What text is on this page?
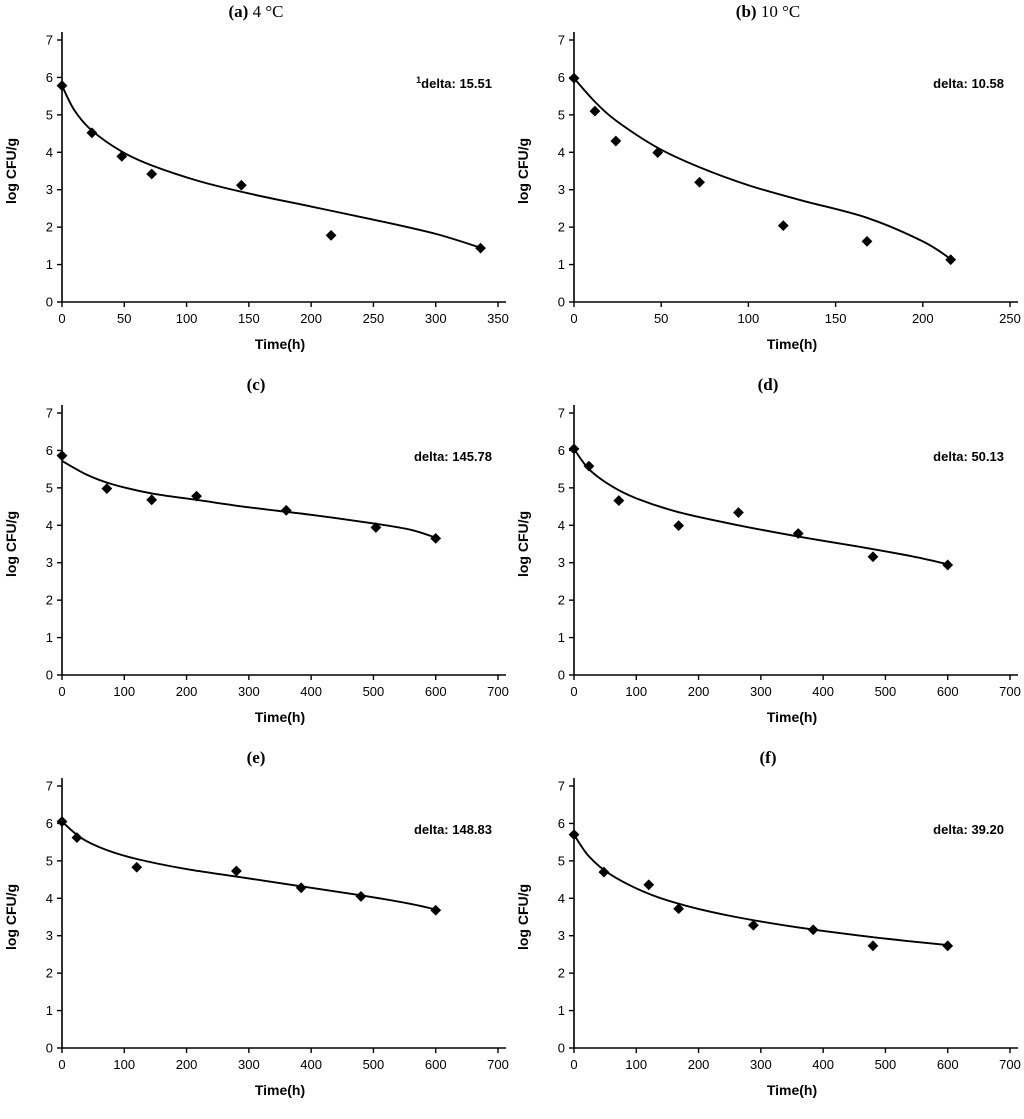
(a) 4 °C
0
1
2
3
4
5
6
7
0	50	100	150	200	250	300	350
Time(h)
log CFU/g
$^1$delta: 15.51
(b) 10 °C
0
1
2
3
4
5
6
7
0	50	100	150	200	250
Time(h)
log CFU/g
delta: 10.58
(c)
0
1
2
3
4
5
6
7
0	100	200	300	400	500	600	700
Time(h)
log CFU/g
delta: 145.78
(d)
0
1
2
3
4
5
6
7
0	100	200	300	400	500	600	700
Time(h)
log CFU/g
delta: 50.13
(e)
0
1
2
3
4
5
6
7
0	100	200	300	400	500	600	700
Time(h)
log CFU/g
delta: 148.83
(f)
0
1
2
3
4
5
6
7
0	100	200	300	400	500	600	700
Time(h)
log CFU/g
delta: 39.20
